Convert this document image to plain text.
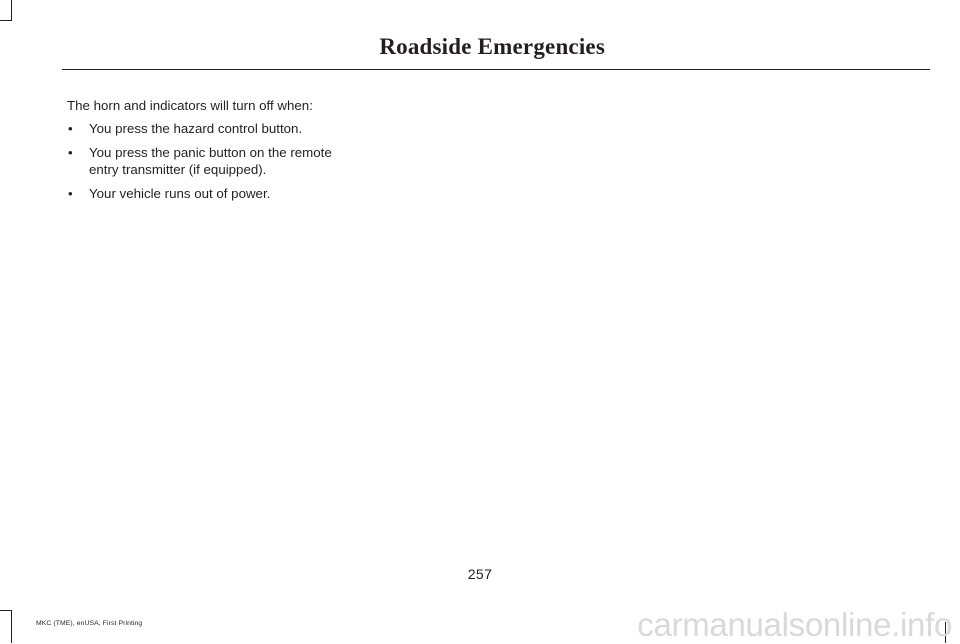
Roadside Emergencies

The horn and indicators will turn off when:

• You press the hazard control button.
• You press the panic button on the remote entry transmitter (if equipped).
• Your vehicle runs out of power.
257
MKC (TME), enUSA, First Printing	carmanualsonline.info
